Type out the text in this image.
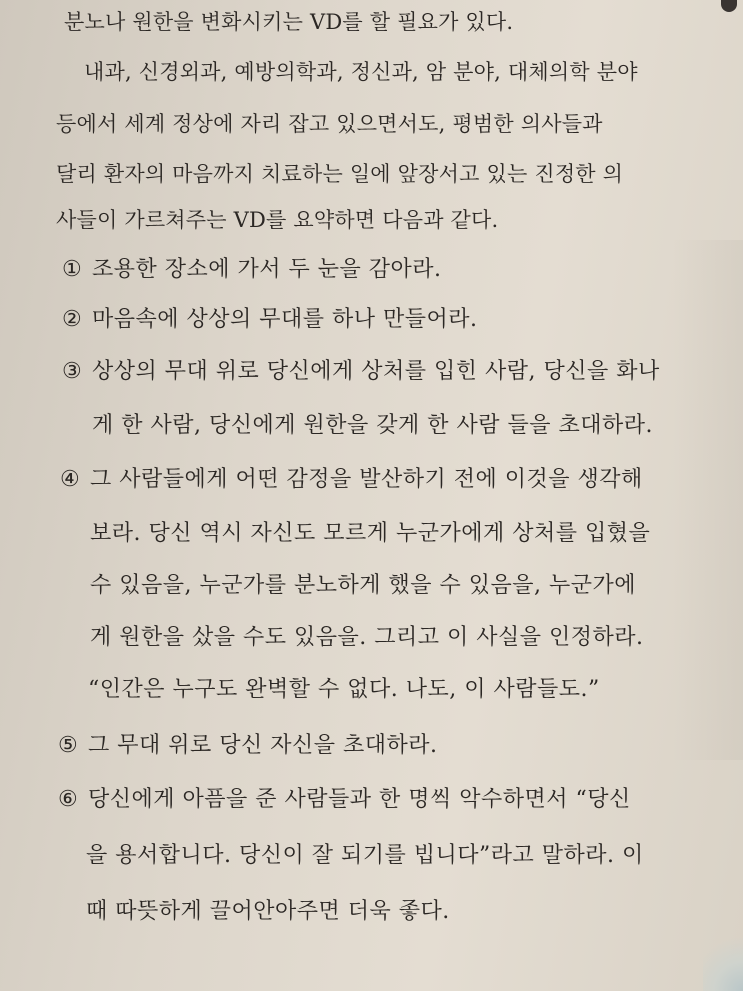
분노나 원한을 변화시키는 VD를 할 필요가 있다.
내과, 신경외과, 예방의학과, 정신과, 암 분야, 대체의학 분야
등에서 세계 정상에 자리 잡고 있으면서도, 평범한 의사들과
달리 환자의 마음까지 치료하는 일에 앞장서고 있는 진정한 의
사들이 가르쳐주는 VD를 요약하면 다음과 같다.
① 조용한 장소에 가서 두 눈을 감아라.
② 마음속에 상상의 무대를 하나 만들어라.
③ 상상의 무대 위로 당신에게 상처를 입힌 사람, 당신을 화나
게 한 사람, 당신에게 원한을 갖게 한 사람 들을 초대하라.
④ 그 사람들에게 어떤 감정을 발산하기 전에 이것을 생각해
보라. 당신 역시 자신도 모르게 누군가에게 상처를 입혔을
수 있음을, 누군가를 분노하게 했을 수 있음을, 누군가에
게 원한을 샀을 수도 있음을. 그리고 이 사실을 인정하라.
“인간은 누구도 완벽할 수 없다. 나도, 이 사람들도.”
⑤ 그 무대 위로 당신 자신을 초대하라.
⑥ 당신에게 아픔을 준 사람들과 한 명씩 악수하면서 “당신
을 용서합니다. 당신이 잘 되기를 빕니다”라고 말하라. 이
때 따뜻하게 끌어안아주면 더욱 좋다.
